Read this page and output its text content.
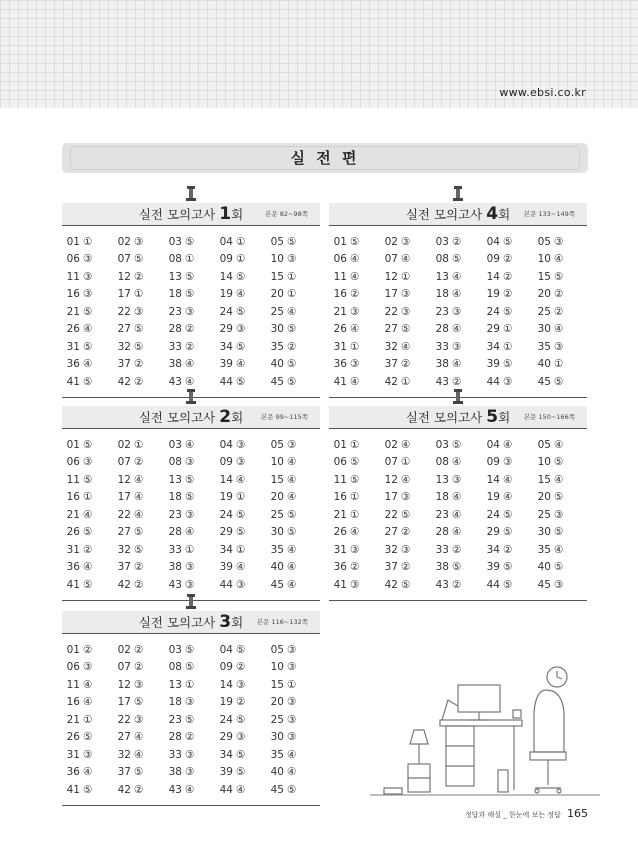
www.ebsi.co.kr
실 전 편
실전 모의고사 1회	본문 82~98쪽
01 ①	02 ③	03 ⑤	04 ①	05 ⑤
06 ③	07 ⑤	08 ①	09 ①	10 ③
11 ③	12 ②	13 ⑤	14 ⑤	15 ①
16 ③	17 ①	18 ⑤	19 ④	20 ①
21 ⑤	22 ③	23 ③	24 ⑤	25 ④
26 ④	27 ⑤	28 ②	29 ③	30 ⑤
31 ⑤	32 ⑤	33 ②	34 ⑤	35 ②
36 ④	37 ②	38 ④	39 ④	40 ⑤
41 ⑤	42 ②	43 ④	44 ⑤	45 ⑤
실전 모의고사 4회	본문 133~149쪽
01 ⑤	02 ③	03 ②	04 ⑤	05 ③
06 ④	07 ④	08 ⑤	09 ②	10 ④
11 ④	12 ①	13 ④	14 ②	15 ⑤
16 ②	17 ③	18 ④	19 ②	20 ②
21 ③	22 ③	23 ③	24 ⑤	25 ②
26 ④	27 ⑤	28 ④	29 ①	30 ④
31 ①	32 ④	33 ③	34 ①	35 ③
36 ③	37 ②	38 ④	39 ⑤	40 ①
41 ④	42 ①	43 ②	44 ③	45 ⑤
실전 모의고사 2회	본문 99~115쪽
01 ⑤	02 ①	03 ④	04 ③	05 ③
06 ③	07 ②	08 ③	09 ③	10 ④
11 ⑤	12 ④	13 ⑤	14 ④	15 ④
16 ①	17 ④	18 ⑤	19 ①	20 ④
21 ④	22 ④	23 ③	24 ⑤	25 ⑤
26 ⑤	27 ⑤	28 ④	29 ⑤	30 ⑤
31 ②	32 ⑤	33 ①	34 ①	35 ④
36 ④	37 ②	38 ③	39 ④	40 ④
41 ⑤	42 ②	43 ③	44 ③	45 ④
실전 모의고사 5회	본문 150~166쪽
01 ①	02 ④	03 ⑤	04 ④	05 ④
06 ⑤	07 ①	08 ④	09 ③	10 ⑤
11 ⑤	12 ④	13 ③	14 ④	15 ④
16 ①	17 ③	18 ④	19 ④	20 ⑤
21 ①	22 ⑤	23 ④	24 ⑤	25 ③
26 ④	27 ②	28 ④	29 ⑤	30 ⑤
31 ③	32 ③	33 ②	34 ②	35 ④
36 ②	37 ②	38 ⑤	39 ⑤	40 ⑤
41 ③	42 ⑤	43 ②	44 ⑤	45 ③
실전 모의고사 3회	본문 116~132쪽
01 ②	02 ②	03 ⑤	04 ⑤	05 ③
06 ③	07 ②	08 ⑤	09 ②	10 ③
11 ④	12 ③	13 ①	14 ③	15 ①
16 ④	17 ⑤	18 ③	19 ②	20 ③
21 ①	22 ③	23 ⑤	24 ⑤	25 ③
26 ⑤	27 ④	28 ②	29 ③	30 ③
31 ③	32 ④	33 ③	34 ⑤	35 ④
36 ④	37 ⑤	38 ③	39 ⑤	40 ④
41 ⑤	42 ②	43 ④	44 ④	45 ⑤
정답과 해설 _ 한눈에 보는 정답 165
